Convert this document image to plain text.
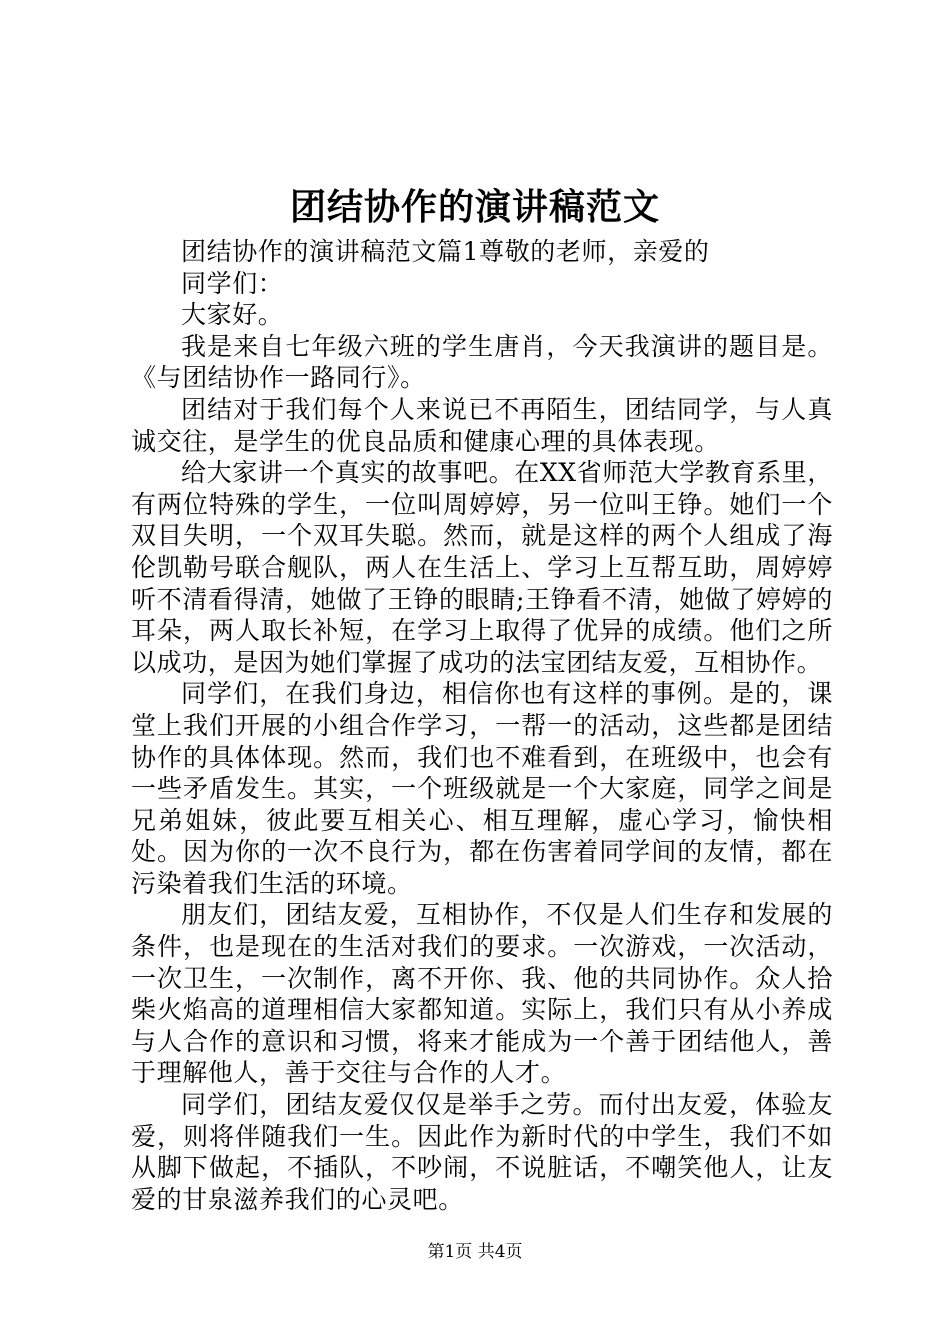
团结协作的演讲稿范文

团结协作的演讲稿范文篇1尊敬的老师，亲爱的

同学们：

大家好。

我是来自七年级六班的学生唐肖，今天我演讲的题目是。《与团结协作一路同行》。

团结对于我们每个人来说已不再陌生，团结同学，与人真诚交往，是学生的优良品质和健康心理的具体表现。

给大家讲一个真实的故事吧。在XX省师范大学教育系里，有两位特殊的学生，一位叫周婷婷，另一位叫王铮。她们一个双目失明，一个双耳失聪。然而，就是这样的两个人组成了海伦凯勒号联合舰队，两人在生活上、学习上互帮互助，周婷婷听不清看得清，她做了王铮的眼睛;王铮看不清，她做了婷婷的耳朵，两人取长补短，在学习上取得了优异的成绩。他们之所以成功，是因为她们掌握了成功的法宝团结友爱，互相协作。

同学们，在我们身边，相信你也有这样的事例。是的，课堂上我们开展的小组合作学习，一帮一的活动，这些都是团结协作的具体体现。然而，我们也不难看到，在班级中，也会有一些矛盾发生。其实，一个班级就是一个大家庭，同学之间是兄弟姐妹，彼此要互相关心、相互理解，虚心学习，愉快相处。因为你的一次不良行为，都在伤害着同学间的友情，都在污染着我们生活的环境。

朋友们，团结友爱，互相协作，不仅是人们生存和发展的条件，也是现在的生活对我们的要求。一次游戏，一次活动，一次卫生，一次制作，离不开你、我、他的共同协作。众人拾柴火焰高的道理相信大家都知道。实际上，我们只有从小养成与人合作的意识和习惯，将来才能成为一个善于团结他人，善于理解他人，善于交往与合作的人才。

同学们，团结友爱仅仅是举手之劳。而付出友爱，体验友爱，则将伴随我们一生。因此作为新时代的中学生，我们不如从脚下做起，不插队，不吵闹，不说脏话，不嘲笑他人，让友爱的甘泉滋养我们的心灵吧。

第1页 共4页
